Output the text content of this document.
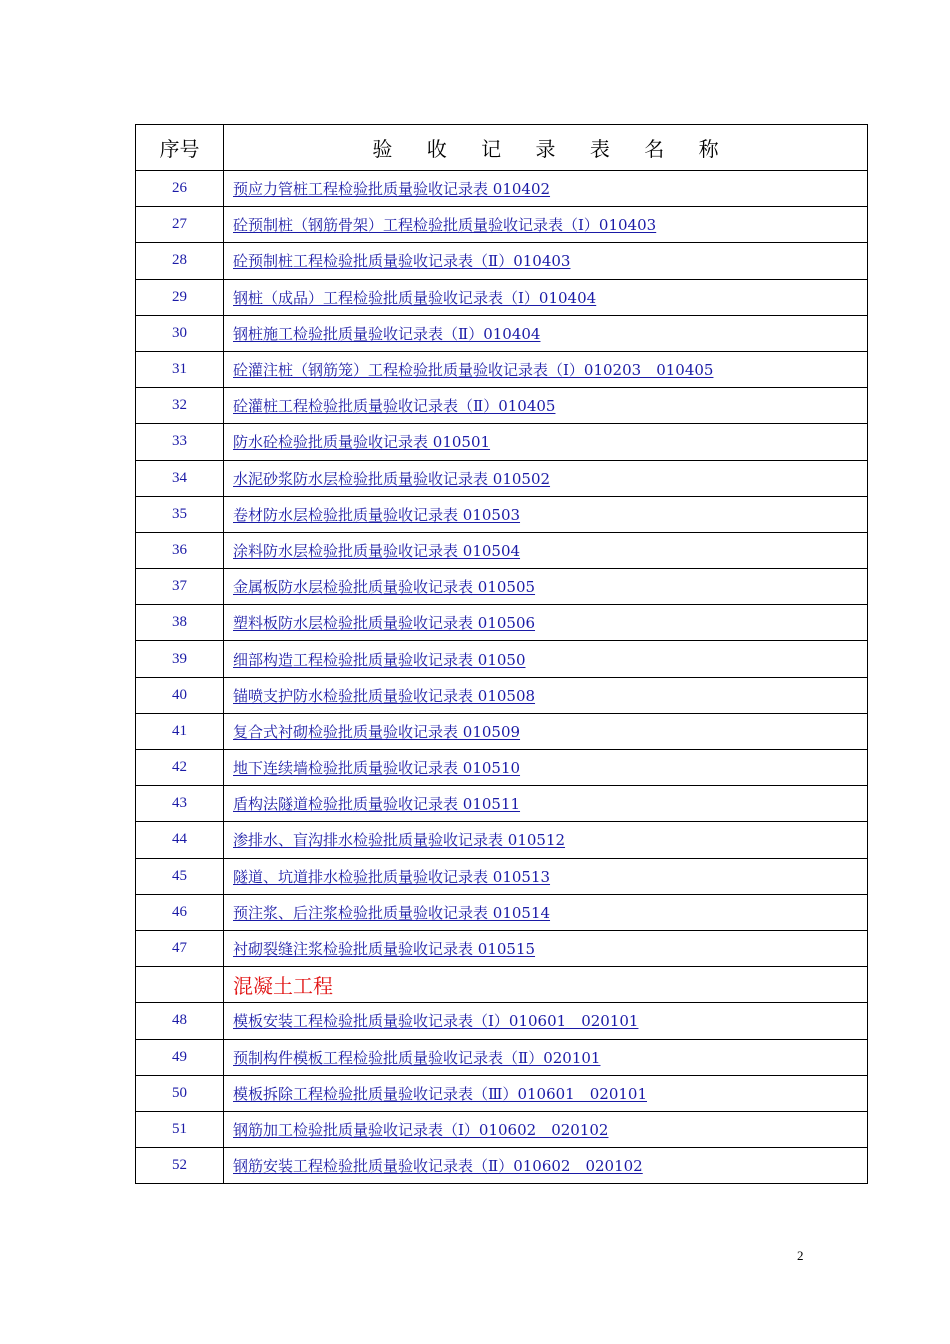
序号	验 收 记 录 表 名 称
26	预应力管桩工程检验批质量验收记录表 010402
27	砼预制桩（钢筋骨架）工程检验批质量验收记录表（Ⅰ）010403
28	砼预制桩工程检验批质量验收记录表（Ⅱ）010403
29	钢桩（成品）工程检验批质量验收记录表（Ⅰ）010404
30	钢桩施工检验批质量验收记录表（Ⅱ）010404
31	砼灌注桩（钢筋笼）工程检验批质量验收记录表（Ⅰ）010203　010405
32	砼灌桩工程检验批质量验收记录表（Ⅱ）010405
33	防水砼检验批质量验收记录表 010501
34	水泥砂浆防水层检验批质量验收记录表 010502
35	卷材防水层检验批质量验收记录表 010503
36	涂料防水层检验批质量验收记录表 010504
37	金属板防水层检验批质量验收记录表 010505
38	塑料板防水层检验批质量验收记录表 010506
39	细部构造工程检验批质量验收记录表 01050
40	锚喷支护防水检验批质量验收记录表 010508
41	复合式衬砌检验批质量验收记录表 010509
42	地下连续墙检验批质量验收记录表 010510
43	盾构法隧道检验批质量验收记录表 010511
44	渗排水、盲沟排水检验批质量验收记录表 010512
45	隧道、坑道排水检验批质量验收记录表 010513
46	预注浆、后注浆检验批质量验收记录表 010514
47	衬砌裂缝注浆检验批质量验收记录表 010515
	混凝土工程
48	模板安装工程检验批质量验收记录表（Ⅰ）010601　020101
49	预制构件模板工程检验批质量验收记录表（Ⅱ）020101
50	模板拆除工程检验批质量验收记录表（Ⅲ）010601　020101
51	钢筋加工检验批质量验收记录表（Ⅰ）010602　020102
52	钢筋安装工程检验批质量验收记录表（Ⅱ）010602　020102
2
